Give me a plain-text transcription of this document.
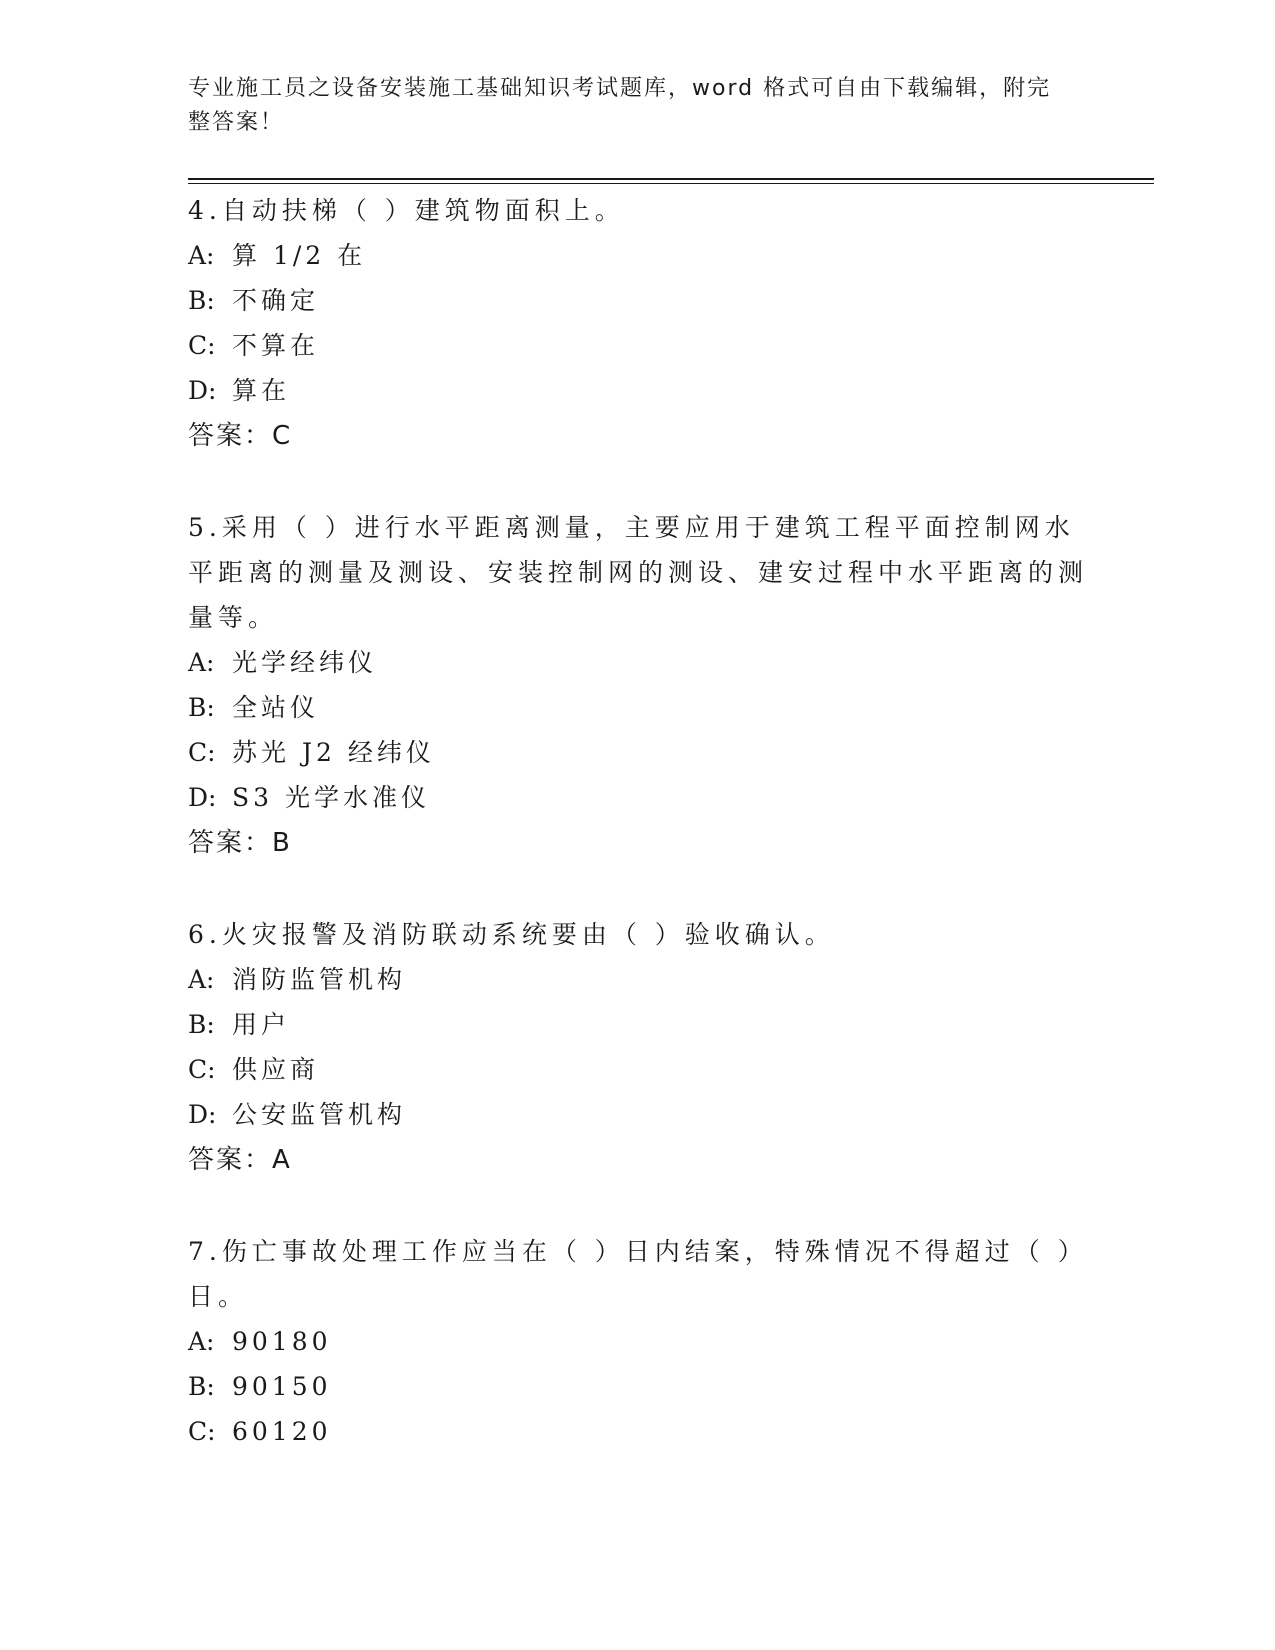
专业施工员之设备安装施工基础知识考试题库，word 格式可自由下载编辑，附完
整答案！

4.自动扶梯（ ）建筑物面积上。

A: 算 1/2 在

B: 不确定

C: 不算在

D: 算在

答案：C

5.采用（ ）进行水平距离测量，主要应用于建筑工程平面控制网水平距离的测量及测设、安装控制网的测设、建安过程中水平距离的测量等。

A: 光学经纬仪

B: 全站仪

C: 苏光 J2 经纬仪

D: S3 光学水准仪

答案：B

6.火灾报警及消防联动系统要由（ ）验收确认。

A: 消防监管机构

B: 用户

C: 供应商

D: 公安监管机构

答案：A

7.伤亡事故处理工作应当在（ ）日内结案，特殊情况不得超过（ ）日。

A: 90180

B: 90150

C: 60120
